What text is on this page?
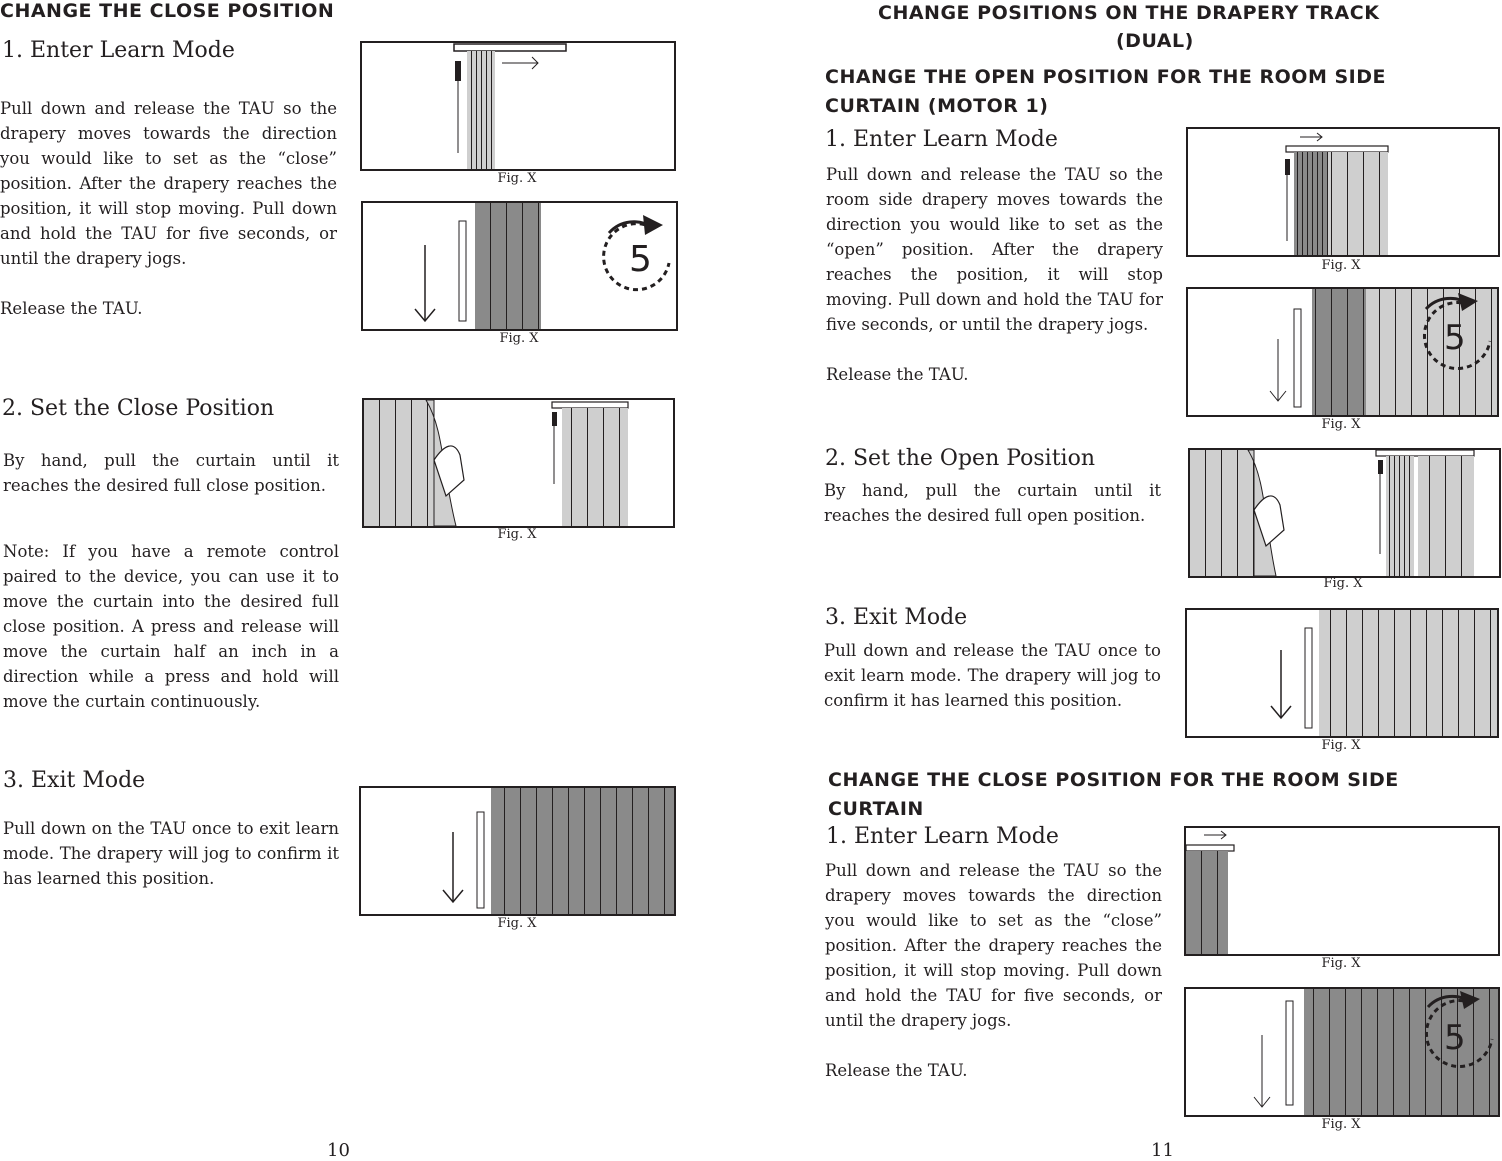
CHANGE THE CLOSE POSITION
1. Enter Learn Mode
Pull down and release the TAU so the drapery moves towards the direction you would like to set as the “close” position. After the drapery reaches the position, it will stop moving. Pull down and hold the TAU for five seconds, or until the drapery jogs.

Release the TAU.
Fig. X
5
Fig. X
2. Set the Close Position
By hand, pull the curtain until it reaches the desired full close position.
Note: If you have a remote control paired to the device, you can use it to move the curtain into the desired full close position. A press and release will move the curtain half an inch in a direction while a press and hold will move the curtain continuously.
Fig. X
3. Exit Mode
Pull down on the TAU once to exit learn mode. The drapery will jog to confirm it has learned this position.
Fig. X
10
CHANGE POSITIONS ON THE DRAPERY TRACK
(DUAL)
CHANGE THE OPEN POSITION FOR THE ROOM SIDE
CURTAIN (MOTOR 1)
1. Enter Learn Mode
Pull down and release the TAU so the room side drapery moves towards the direction you would like to set as the “open” position. After the drapery reaches the position, it will stop moving. Pull down and hold the TAU for five seconds, or until the drapery jogs.

Release the TAU.
Fig. X
5
Fig. X
2. Set the Open Position
By hand, pull the curtain until it reaches the desired full open position.
Fig. X
3. Exit Mode
Pull down and release the TAU once to exit learn mode. The drapery will jog to confirm it has learned this position.
Fig. X
CHANGE THE CLOSE POSITION FOR THE ROOM SIDE
CURTAIN
1. Enter Learn Mode
Pull down and release the TAU so the drapery moves towards the direction you would like to set as the “close” position. After the drapery reaches the position, it will stop moving. Pull down and hold the TAU for five seconds, or until the drapery jogs.

Release the TAU.
Fig. X
5
Fig. X
11
